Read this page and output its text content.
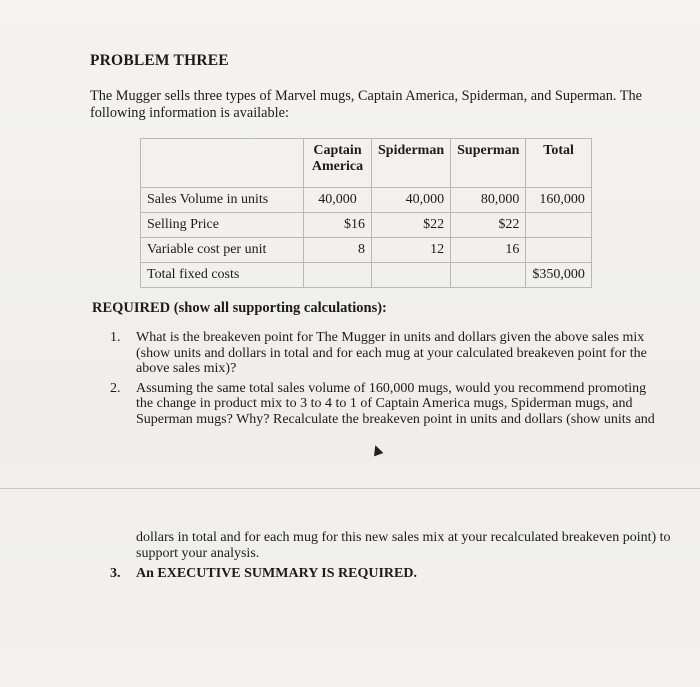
PROBLEM THREE
The Mugger sells three types of Marvel mugs, Captain America, Spiderman, and Superman. The following information is available:
	Captain America	Spiderman	Superman	Total
Sales Volume in units	40,000	40,000	80,000	160,000
Selling Price	$16	$22	$22	
Variable cost per unit	8	12	16	
Total fixed costs				$350,000
REQUIRED (show all supporting calculations):
1. What is the breakeven point for The Mugger in units and dollars given the above sales mix (show units and dollars in total and for each mug at your calculated breakeven point for the above sales mix)?
2. Assuming the same total sales volume of 160,000 mugs, would you recommend promoting the change in product mix to 3 to 4 to 1 of Captain America mugs, Spiderman mugs, and Superman mugs? Why? Recalculate the breakeven point in units and dollars (show units and
dollars in total and for each mug for this new sales mix at your recalculated breakeven point) to support your analysis.
3. An EXECUTIVE SUMMARY IS REQUIRED.
